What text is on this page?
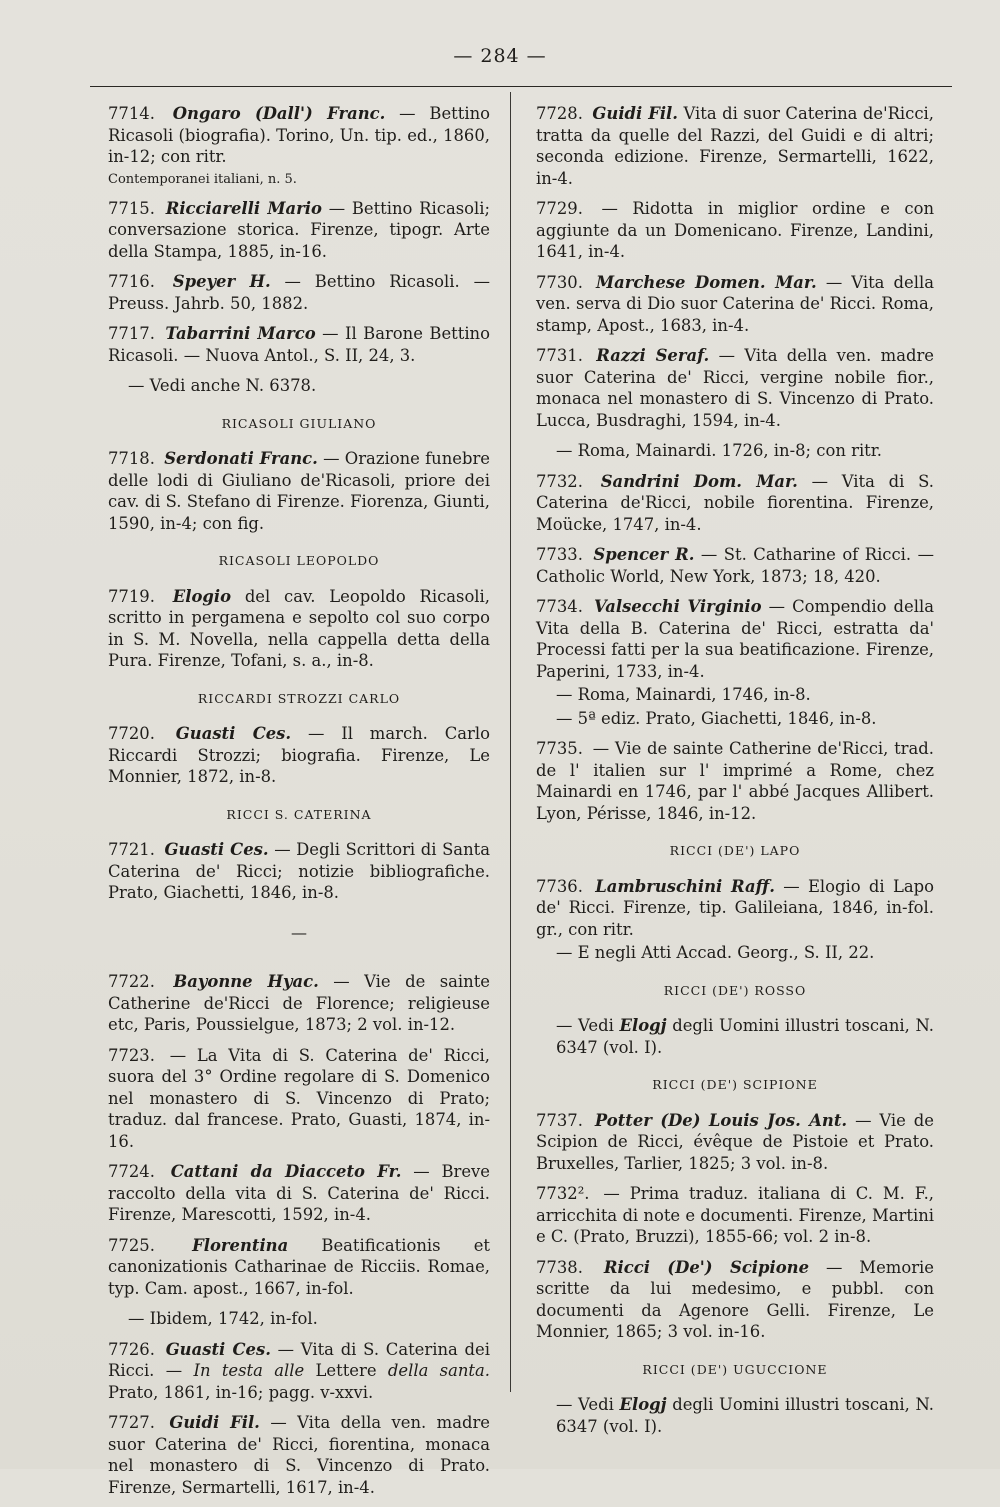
— 284 —

7714. Ongaro (Dall') Franc. — Bettino Ricasoli (biografia). Torino, Un. tip. ed., 1860, in-12; con ritr.

Contemporanei italiani, n. 5.

7715. Ricciarelli Mario — Bettino Ricasoli; conversazione storica. Firenze, tipogr. Arte della Stampa, 1885, in-16.

7716. Speyer H. — Bettino Ricasoli. — Preuss. Jahrb. 50, 1882.

7717. Tabarrini Marco — Il Barone Bettino Ricasoli. — Nuova Antol., S. II, 24, 3.

— Vedi anche N. 6378.

RICASOLI GIULIANO

7718. Serdonati Franc. — Orazione funebre delle lodi di Giuliano de'Ricasoli, priore dei cav. di S. Stefano di Firenze. Fiorenza, Giunti, 1590, in-4; con fig.

RICASOLI LEOPOLDO

7719. Elogio del cav. Leopoldo Ricasoli, scritto in pergamena e sepolto col suo corpo in S. M. Novella, nella cappella detta della Pura. Firenze, Tofani, s. a., in-8.

RICCARDI STROZZI CARLO

7720. Guasti Ces. — Il march. Carlo Riccardi Strozzi; biografia. Firenze, Le Monnier, 1872, in-8.

RICCI S. CATERINA

7721. Guasti Ces. — Degli Scrittori di Santa Caterina de' Ricci; notizie bibliografiche. Prato, Giachetti, 1846, in-8.

—

7722. Bayonne Hyac. — Vie de sainte Catherine de'Ricci de Florence; religieuse etc, Paris, Poussielgue, 1873; 2 vol. in-12.

7723. — La Vita di S. Caterina de' Ricci, suora del 3° Ordine regolare di S. Domenico nel monastero di S. Vincenzo di Prato; traduz. dal francese. Prato, Guasti, 1874, in-16.

7724. Cattani da Diacceto Fr. — Breve raccolto della vita di S. Caterina de' Ricci. Firenze, Marescotti, 1592, in-4.

7725. Florentina Beatificationis et canonizationis Catharinae de Ricciis. Romae, typ. Cam. apost., 1667, in-fol.

— Ibidem, 1742, in-fol.

7726. Guasti Ces. — Vita di S. Caterina dei Ricci. — In testa alle Lettere della santa. Prato, 1861, in-16; pagg. v-xxvi.

7727. Guidi Fil. — Vita della ven. madre suor Caterina de' Ricci, fiorentina, monaca nel monastero di S. Vincenzo di Prato. Firenze, Sermartelli, 1617, in-4.

7728. Guidi Fil. Vita di suor Caterina de'Ricci, tratta da quelle del Razzi, del Guidi e di altri; seconda edizione. Firenze, Sermartelli, 1622, in-4.

7729. — Ridotta in miglior ordine e con aggiunte da un Domenicano. Firenze, Landini, 1641, in-4.

7730. Marchese Domen. Mar. — Vita della ven. serva di Dio suor Caterina de' Ricci. Roma, stamp, Apost., 1683, in-4.

7731. Razzi Seraf. — Vita della ven. madre suor Caterina de' Ricci, vergine nobile fior., monaca nel monastero di S. Vincenzo di Prato. Lucca, Busdraghi, 1594, in-4.

— Roma, Mainardi. 1726, in-8; con ritr.

7732. Sandrini Dom. Mar. — Vita di S. Caterina de'Ricci, nobile fiorentina. Firenze, Moücke, 1747, in-4.

7733. Spencer R. — St. Catharine of Ricci. — Catholic World, New York, 1873; 18, 420.

7734. Valsecchi Virginio — Compendio della Vita della B. Caterina de' Ricci, estratta da' Processi fatti per la sua beatificazione. Firenze, Paperini, 1733, in-4.

— Roma, Mainardi, 1746, in-8.

— 5ª ediz. Prato, Giachetti, 1846, in-8.

7735. — Vie de sainte Catherine de'Ricci, trad. de l' italien sur l' imprimé a Rome, chez Mainardi en 1746, par l' abbé Jacques Allibert. Lyon, Périsse, 1846, in-12.

RICCI (DE') LAPO

7736. Lambruschini Raff. — Elogio di Lapo de' Ricci. Firenze, tip. Galileiana, 1846, in-fol. gr., con ritr.

— E negli Atti Accad. Georg., S. II, 22.

RICCI (DE') ROSSO

— Vedi Elogj degli Uomini illustri toscani, N. 6347 (vol. I).

RICCI (DE') SCIPIONE

7737. Potter (De) Louis Jos. Ant. — Vie de Scipion de Ricci, évêque de Pistoie et Prato. Bruxelles, Tarlier, 1825; 3 vol. in-8.

7732². — Prima traduz. italiana di C. M. F., arricchita di note e documenti. Firenze, Martini e C. (Prato, Bruzzi), 1855-66; vol. 2 in-8.

7738. Ricci (De') Scipione — Memorie scritte da lui medesimo, e pubbl. con documenti da Agenore Gelli. Firenze, Le Monnier, 1865; 3 vol. in-16.

RICCI (DE') UGUCCIONE

— Vedi Elogj degli Uomini illustri toscani, N. 6347 (vol. I).
